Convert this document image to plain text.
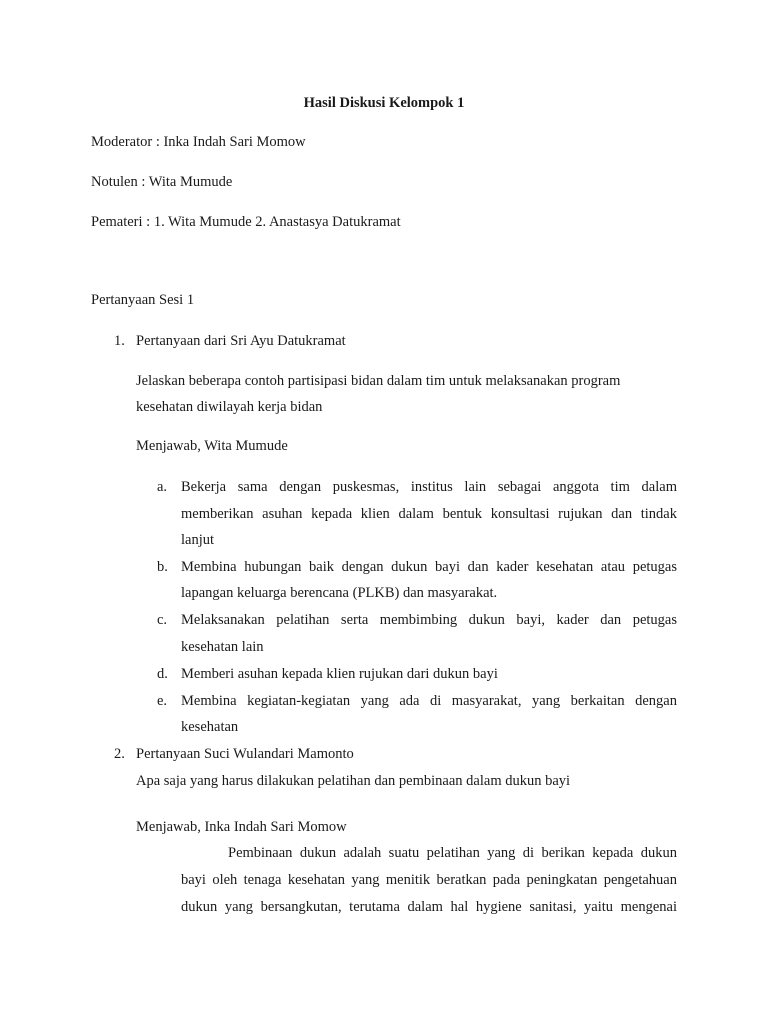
Hasil Diskusi Kelompok 1
Moderator : Inka Indah Sari Momow
Notulen : Wita Mumude
Pemateri : 1. Wita Mumude 2. Anastasya Datukramat
Pertanyaan Sesi 1
1. Pertanyaan dari Sri Ayu Datukramat
Jelaskan beberapa contoh partisipasi bidan dalam tim untuk melaksanakan program
kesehatan diwilayah kerja bidan
Menjawab, Wita Mumude
a. Bekerja sama dengan puskesmas, institus lain sebagai anggota tim dalam
memberikan asuhan kepada klien dalam bentuk konsultasi rujukan dan tindak
lanjut
b. Membina hubungan baik dengan dukun bayi dan kader kesehatan atau petugas
lapangan keluarga berencana (PLKB) dan masyarakat.
c. Melaksanakan pelatihan serta membimbing dukun bayi, kader dan petugas
kesehatan lain
d. Memberi asuhan kepada klien rujukan dari dukun bayi
e. Membina kegiatan-kegiatan yang ada di masyarakat, yang berkaitan dengan
kesehatan
2. Pertanyaan Suci Wulandari Mamonto
Apa saja yang harus dilakukan pelatihan dan pembinaan dalam dukun bayi
Menjawab, Inka Indah Sari Momow
Pembinaan dukun adalah suatu pelatihan yang di berikan kepada dukun
bayi oleh tenaga kesehatan yang menitik beratkan pada peningkatan pengetahuan
dukun yang bersangkutan, terutama dalam hal hygiene sanitasi, yaitu mengenai
